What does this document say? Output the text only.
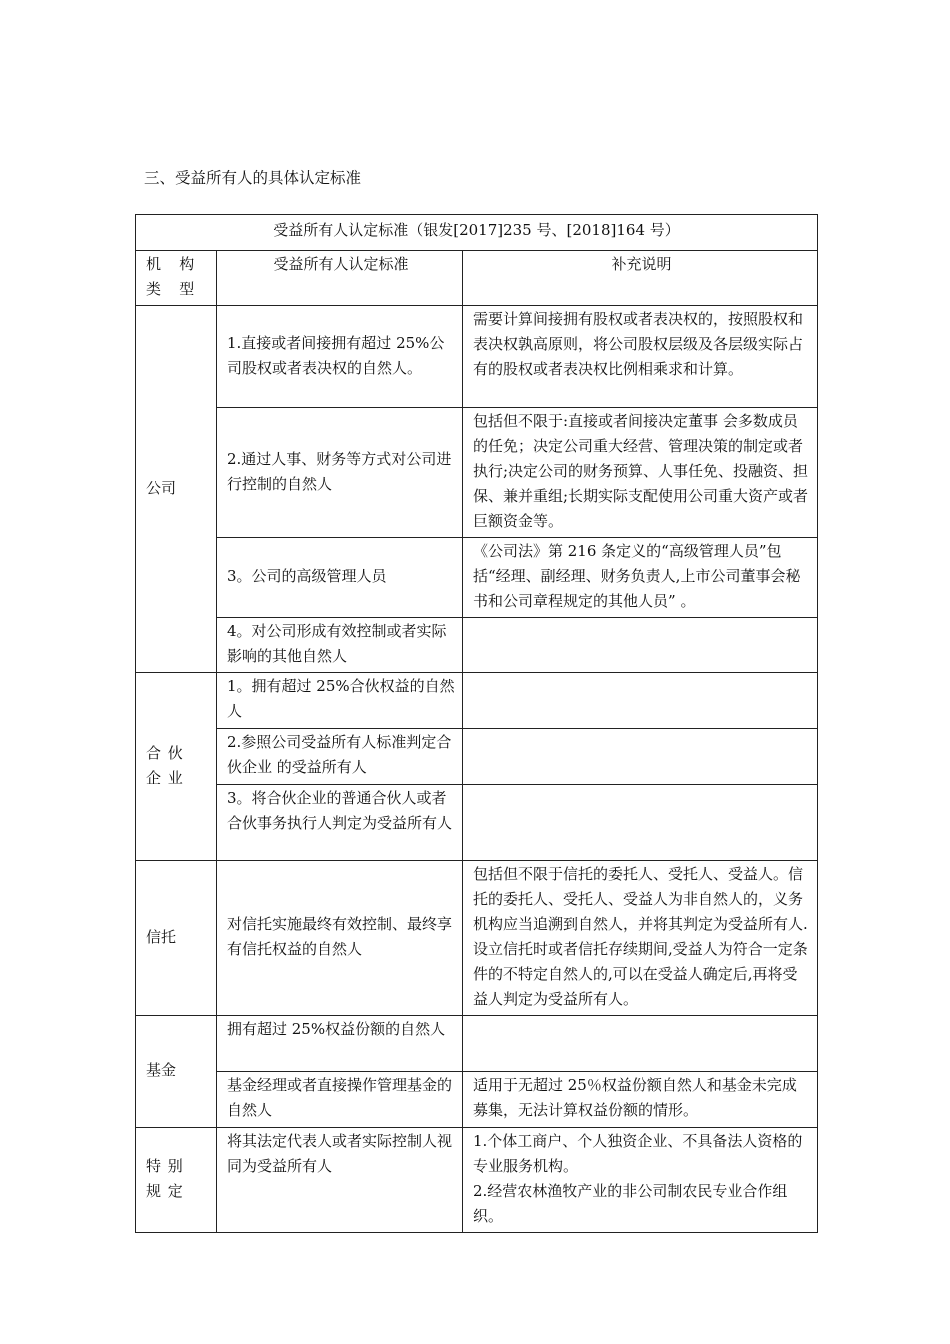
三、受益所有人的具体认定标准
受益所有人认定标准（银发[2017]235 号、[2018]164 号）		
机 构 类 型	受益所有人认定标准	补充说明
公司	1.直接或者间接拥有超过 25%公司股权或者表决权的自然人。	需要计算间接拥有股权或者表决权的，按照股权和表决权孰高原则，将公司股权层级及各层级实际占有的股权或者表决权比例相乘求和计算。
	2.通过人事、财务等方式对公司进行控制的自然人	包括但不限于:直接或者间接决定董事 会多数成员的任免；决定公司重大经营、管理决策的制定或者执行;决定公司的财务预算、人事任免、投融资、担保、兼并重组;长期实际支配使用公司重大资产或者巨额资金等。
	3。公司的高级管理人员	《公司法》第 216 条定义的“高级管理人员”包括“经理、副经理、财务负责人,上市公司董事会秘书和公司章程规定的其他人员” 。
	4。对公司形成有效控制或者实际影响的其他自然人	
合伙企业	1。拥有超过 25%合伙权益的自然人	
	2.参照公司受益所有人标准判定合伙企业 的受益所有人	
	3。将合伙企业的普通合伙人或者合伙事务执行人判定为受益所有人	
信托	对信托实施最终有效控制、最终享有信托权益的自然人	包括但不限于信托的委托人、受托人、受益人。信托的委托人、受托人、受益人为非自然人的，义务机构应当追溯到自然人，并将其判定为受益所有人.设立信托时或者信托存续期间,受益人为符合一定条件的不特定自然人的,可以在受益人确定后,再将受益人判定为受益所有人。
基金	拥有超过 25%权益份额的自然人	
	基金经理或者直接操作管理基金的自然人	适用于无超过 25％权益份额自然人和基金未完成募集，无法计算权益份额的情形。
特别规定	将其法定代表人或者实际控制人视同为受益所有人	1.个体工商户、个人独资企业、不具备法人资格的专业服务机构。
2.经营农林渔牧产业的非公司制农民专业合作组织。
